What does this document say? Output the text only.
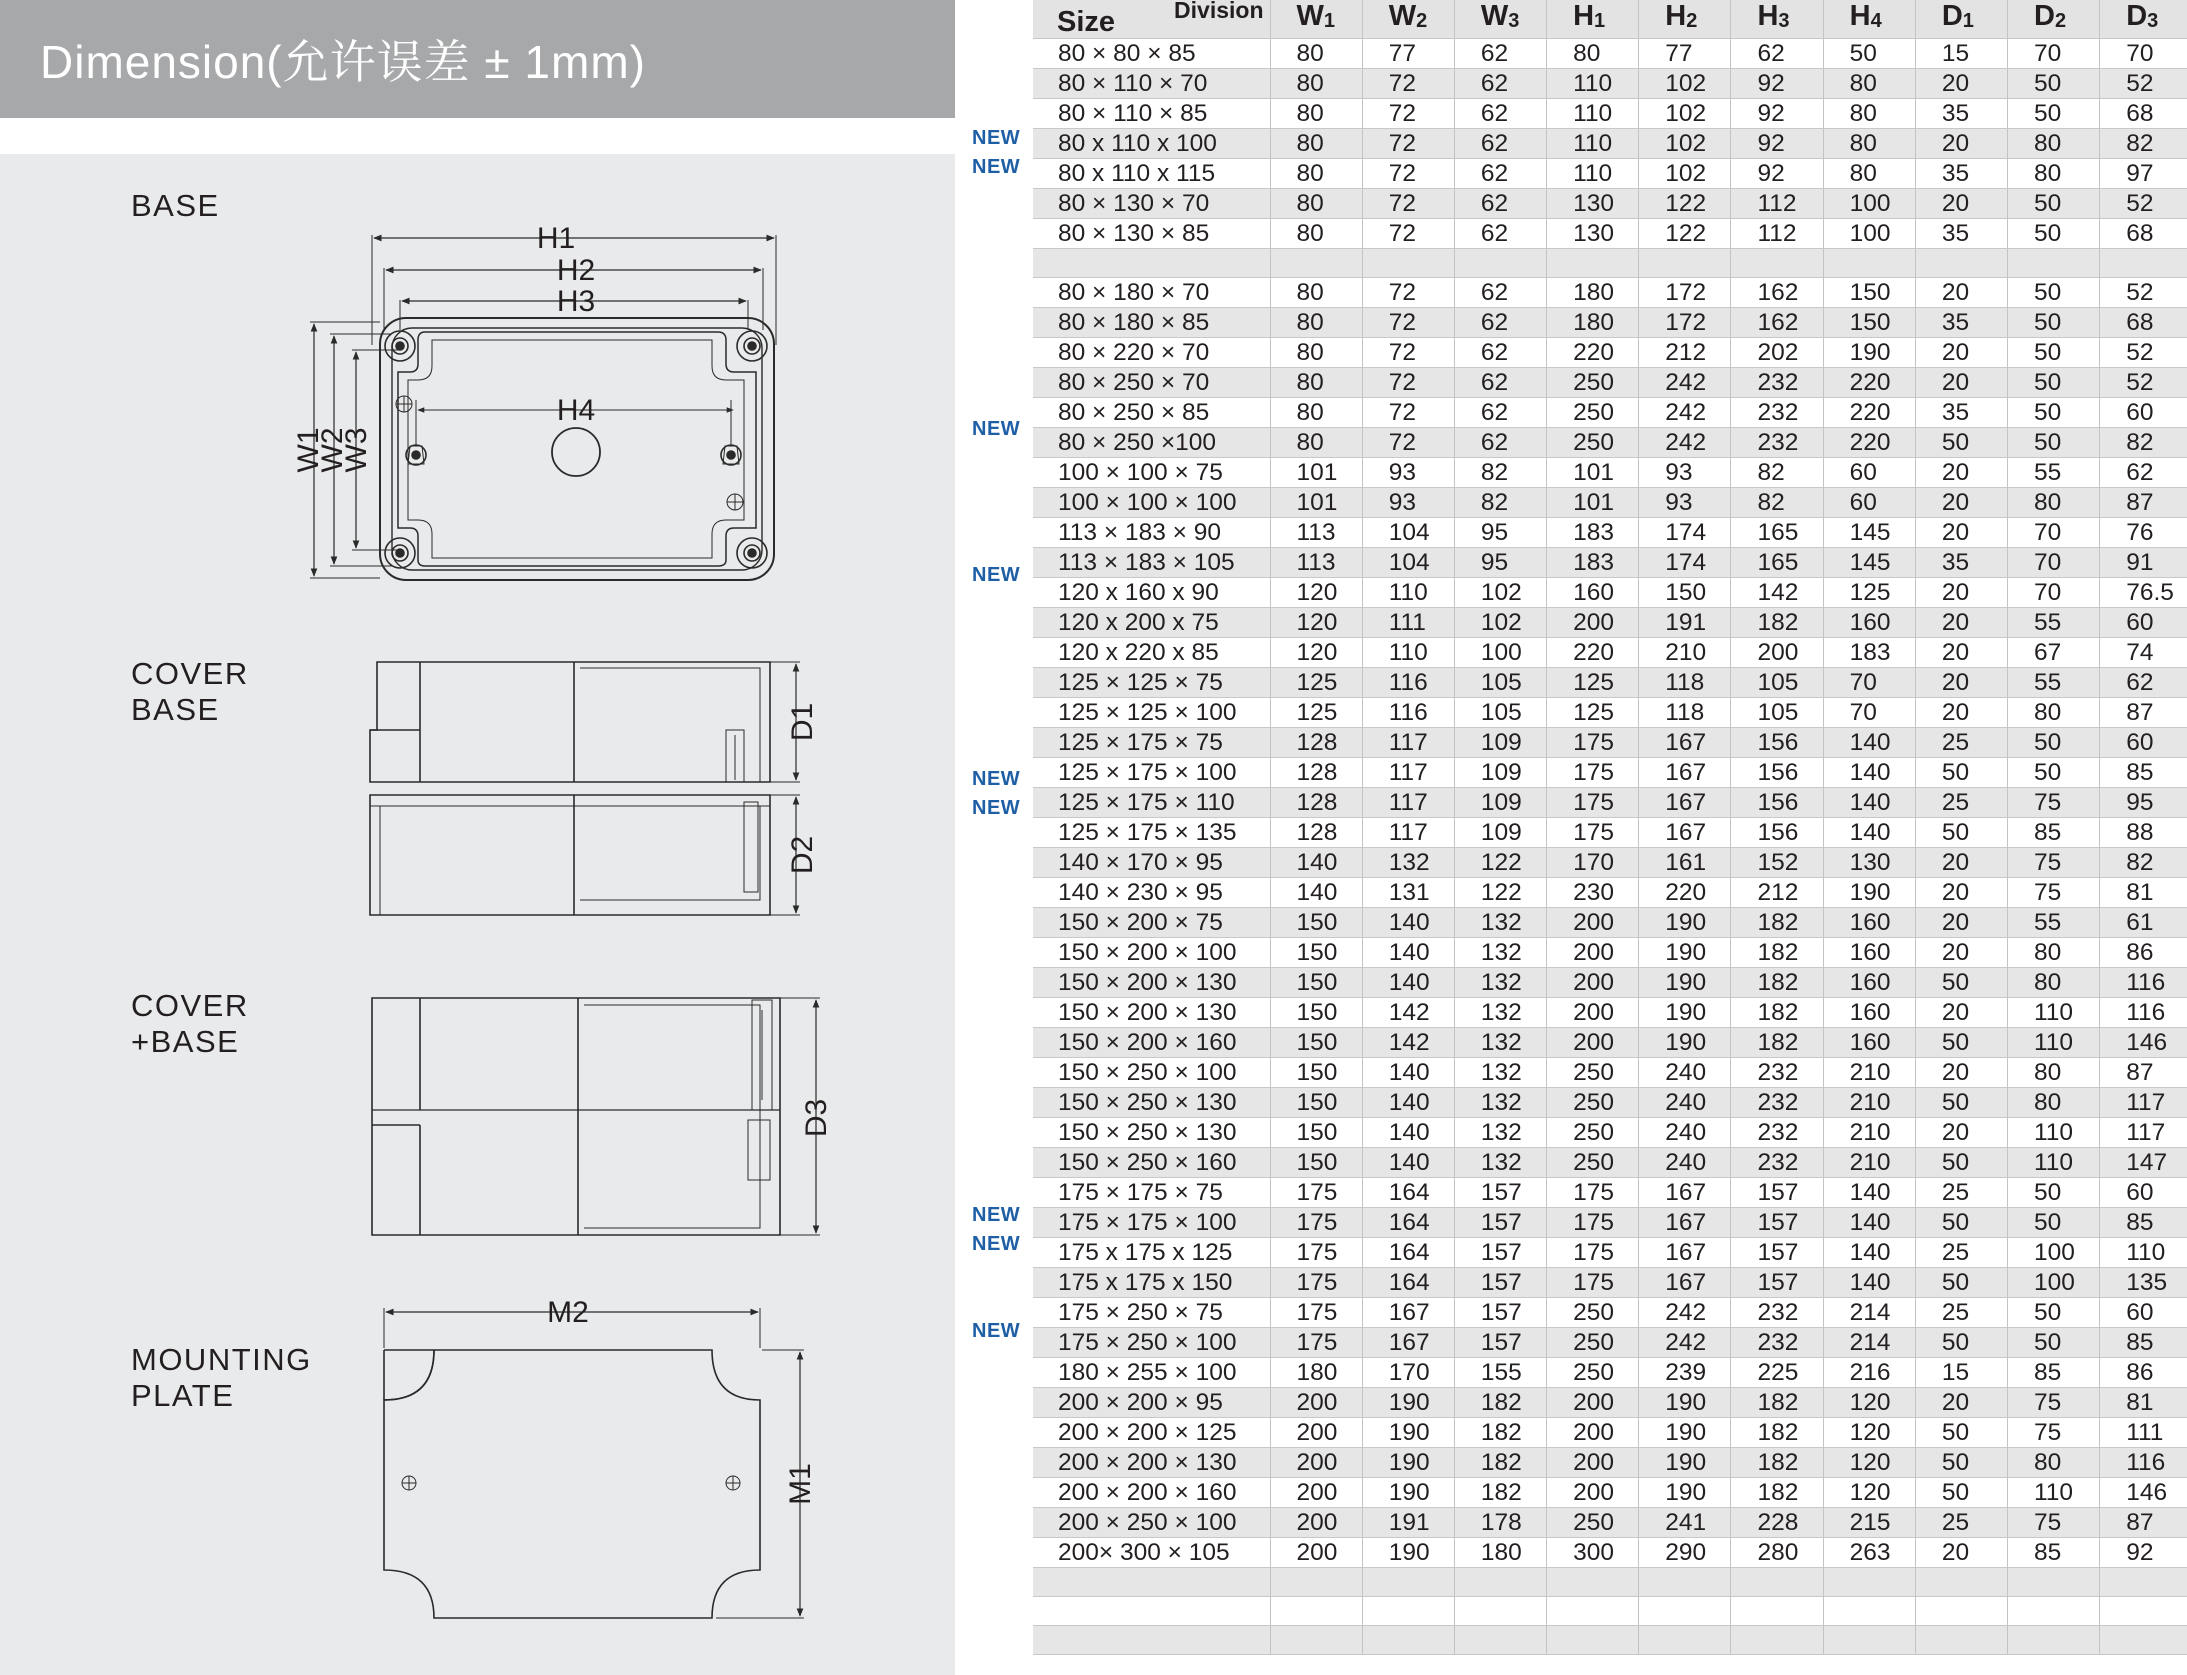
Dimension(允许误差 ± 1mm)
BASE
COVER
BASE
COVER
+BASE
MOUNTING
PLATE
H1
H2
H3
H4
W1
W2
W3
D1
D2
D3
M2
M1
NEW
NEW
NEW
NEW
NEW
NEW
NEW
NEW
NEW
Size Division	$W_1$	$W_2$	$W_3$	$H_1$	$H_2$	$H_3$	$H_4$	$D_1$	$D_2$	$D_3$
80 × 80 × 85	80	77	62	80	77	62	50	15	70	70
80 × 110 × 70	80	72	62	110	102	92	80	20	50	52
80 × 110 × 85	80	72	62	110	102	92	80	35	50	68
80 x 110 x 100	80	72	62	110	102	92	80	20	80	82
80 x 110 x 115	80	72	62	110	102	92	80	35	80	97
80 × 130 × 70	80	72	62	130	122	112	100	20	50	52
80 × 130 × 85	80	72	62	130	122	112	100	35	50	68

80 × 180 × 70	80	72	62	180	172	162	150	20	50	52
80 × 180 × 85	80	72	62	180	172	162	150	35	50	68
80 × 220 × 70	80	72	62	220	212	202	190	20	50	52
80 × 250 × 70	80	72	62	250	242	232	220	20	50	52
80 × 250 × 85	80	72	62	250	242	232	220	35	50	60
80 × 250 ×100	80	72	62	250	242	232	220	50	50	82
100 × 100 × 75	101	93	82	101	93	82	60	20	55	62
100 × 100 × 100	101	93	82	101	93	82	60	20	80	87
113 × 183 × 90	113	104	95	183	174	165	145	20	70	76
113 × 183 × 105	113	104	95	183	174	165	145	35	70	91
120 x 160 x 90	120	110	102	160	150	142	125	20	70	76.5
120 x 200 x 75	120	111	102	200	191	182	160	20	55	60
120 x 220 x 85	120	110	100	220	210	200	183	20	67	74
125 × 125 × 75	125	116	105	125	118	105	70	20	55	62
125 × 125 × 100	125	116	105	125	118	105	70	20	80	87
125 × 175 × 75	128	117	109	175	167	156	140	25	50	60
125 × 175 × 100	128	117	109	175	167	156	140	50	50	85
125 × 175 × 110	128	117	109	175	167	156	140	25	75	95
125 × 175 × 135	128	117	109	175	167	156	140	50	85	88
140 × 170 × 95	140	132	122	170	161	152	130	20	75	82
140 × 230 × 95	140	131	122	230	220	212	190	20	75	81
150 × 200 × 75	150	140	132	200	190	182	160	20	55	61
150 × 200 × 100	150	140	132	200	190	182	160	20	80	86
150 × 200 × 130	150	140	132	200	190	182	160	50	80	116
150 × 200 × 130	150	142	132	200	190	182	160	20	110	116
150 × 200 × 160	150	142	132	200	190	182	160	50	110	146
150 × 250 × 100	150	140	132	250	240	232	210	20	80	87
150 × 250 × 130	150	140	132	250	240	232	210	50	80	117
150 × 250 × 130	150	140	132	250	240	232	210	20	110	117
150 × 250 × 160	150	140	132	250	240	232	210	50	110	147
175 × 175 × 75	175	164	157	175	167	157	140	25	50	60
175 × 175 × 100	175	164	157	175	167	157	140	50	50	85
175 x 175 x 125	175	164	157	175	167	157	140	25	100	110
175 x 175 x 150	175	164	157	175	167	157	140	50	100	135
175 × 250 × 75	175	167	157	250	242	232	214	25	50	60
175 × 250 × 100	175	167	157	250	242	232	214	50	50	85
180 × 255 × 100	180	170	155	250	239	225	216	15	85	86
200 × 200 × 95	200	190	182	200	190	182	120	20	75	81
200 × 200 × 125	200	190	182	200	190	182	120	50	75	111
200 × 200 × 130	200	190	182	200	190	182	120	50	80	116
200 × 200 × 160	200	190	182	200	190	182	120	50	110	146
200 × 250 × 100	200	191	178	250	241	228	215	25	75	87
200× 300 × 105	200	190	180	300	290	280	263	20	85	92
